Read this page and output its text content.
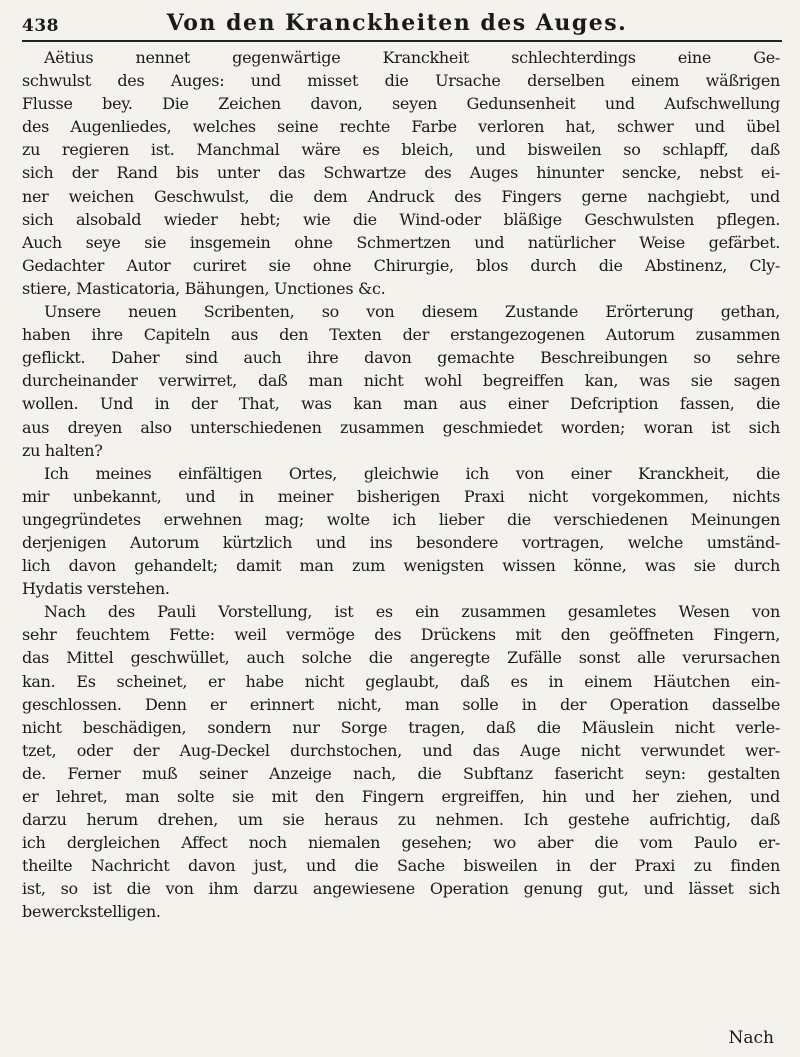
438	Von den Kranckheiten des Auges.
Aëtius nennet gegenwärtige Kranckheit schlechterdings eine Ge-
schwulst des Auges: und misset die Ursache derselben einem wäßrigen
Flusse bey. Die Zeichen davon, seyen Gedunsenheit und Aufschwellung
des Augenliedes, welches seine rechte Farbe verloren hat, schwer und übel
zu regieren ist. Manchmal wäre es bleich, und bisweilen so schlapff, daß
sich der Rand bis unter das Schwartze des Auges hinunter sencke, nebst ei-
ner weichen Geschwulst, die dem Andruck des Fingers gerne nachgiebt, und
sich alsobald wieder hebt; wie die Wind-oder bläßige Geschwulsten pflegen.
Auch seye sie insgemein ohne Schmertzen und natürlicher Weise gefärbet.
Gedachter Autor curiret sie ohne Chirurgie, blos durch die Abstinenz, Cly-
stiere, Masticatoria, Bähungen, Unctiones &c.
Unsere neuen Scribenten, so von diesem Zustande Erörterung gethan,
haben ihre Capiteln aus den Texten der erstangezogenen Autorum zusammen
geflickt. Daher sind auch ihre davon gemachte Beschreibungen so sehre
durcheinander verwirret, daß man nicht wohl begreiffen kan, was sie sagen
wollen. Und in der That, was kan man aus einer Defcription fassen, die
aus dreyen also unterschiedenen zusammen geschmiedet worden; woran ist sich
zu halten?
Ich meines einfältigen Ortes, gleichwie ich von einer Kranckheit, die
mir unbekannt, und in meiner bisherigen Praxi nicht vorgekommen, nichts
ungegründetes erwehnen mag; wolte ich lieber die verschiedenen Meinungen
derjenigen Autorum kürtzlich und ins besondere vortragen, welche umständ-
lich davon gehandelt; damit man zum wenigsten wissen könne, was sie durch
Hydatis verstehen.
Nach des Pauli Vorstellung, ist es ein zusammen gesamletes Wesen von
sehr feuchtem Fette: weil vermöge des Drückens mit den geöffneten Fingern,
das Mittel geschwüllet, auch solche die angeregte Zufälle sonst alle verursachen
kan. Es scheinet, er habe nicht geglaubt, daß es in einem Häutchen ein-
geschlossen. Denn er erinnert nicht, man solle in der Operation dasselbe
nicht beschädigen, sondern nur Sorge tragen, daß die Mäuslein nicht verle-
tzet, oder der Aug-Deckel durchstochen, und das Auge nicht verwundet wer-
de. Ferner muß seiner Anzeige nach, die Subftanz fasericht seyn: gestalten
er lehret, man solte sie mit den Fingern ergreiffen, hin und her ziehen, und
darzu herum drehen, um sie heraus zu nehmen. Ich gestehe aufrichtig, daß
ich dergleichen Affect noch niemalen gesehen; wo aber die vom Paulo er-
theilte Nachricht davon just, und die Sache bisweilen in der Praxi zu finden
ist, so ist die von ihm darzu angewiesene Operation genung gut, und lässet sich
bewerckstelligen.
Nach
